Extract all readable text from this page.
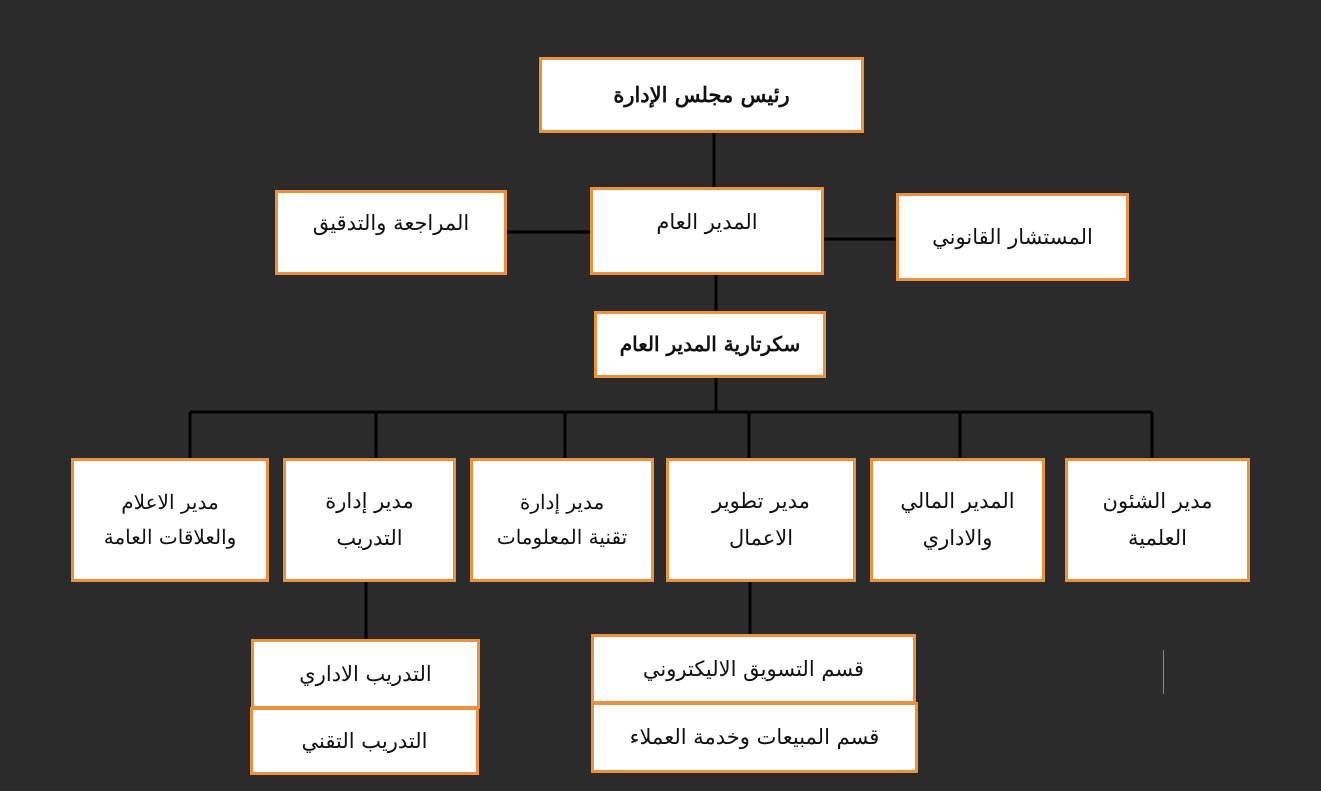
رئيس مجلس الإدارة
المدير العام
المراجعة والتدقيق
المستشار القانوني
سكرتارية المدير العام
مدير الشئون
العلمية
المدير المالي
والاداري
مدير تطوير
الاعمال
مدير إدارة
تقنية المعلومات
مدير إدارة
التدريب
مدير الاعلام
والعلاقات العامة
التدريب الاداري
التدريب التقني
قسم التسويق الاليكتروني
قسم المبيعات وخدمة العملاء
